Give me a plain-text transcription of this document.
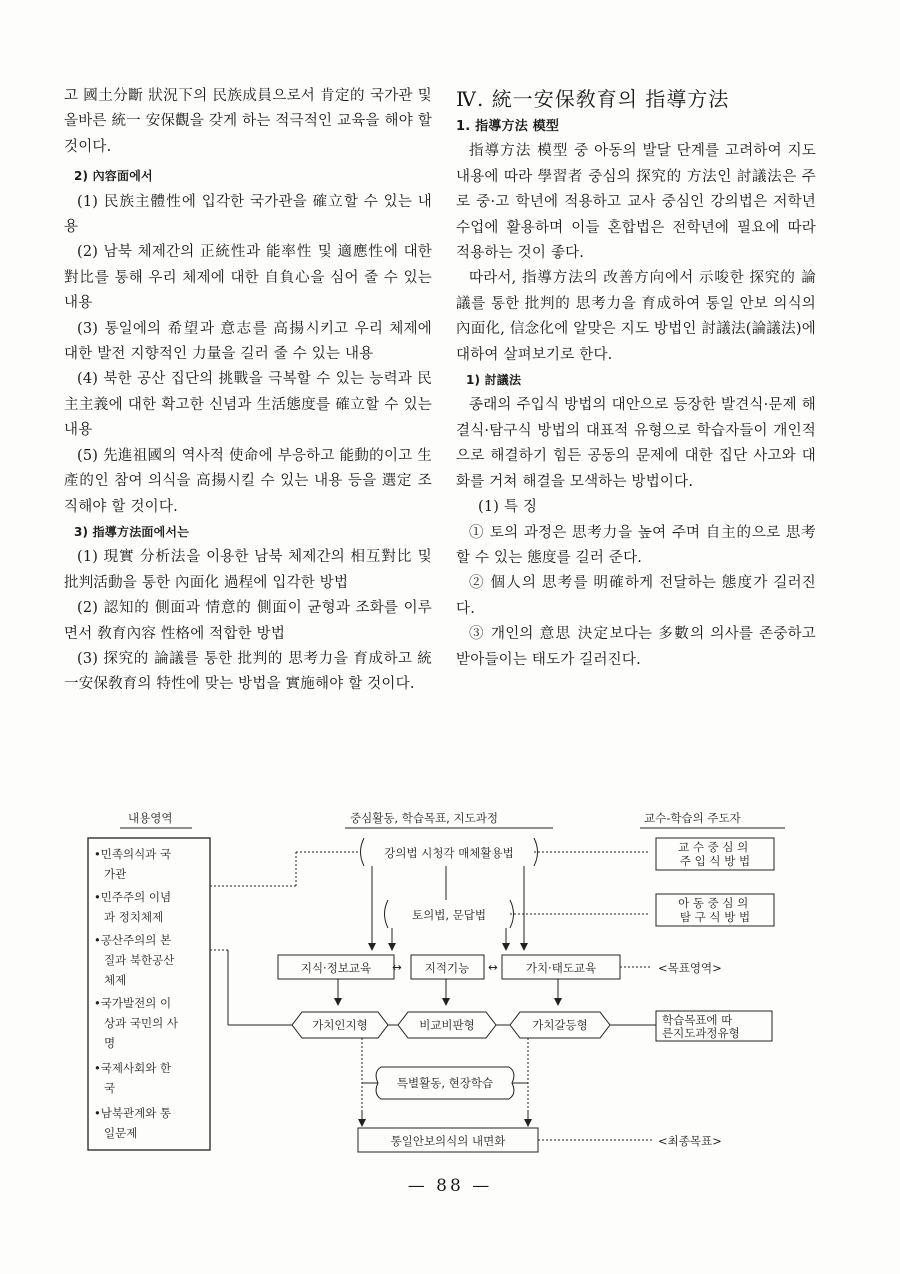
고 國土分斷 狀況下의 民族成員으로서 肯定的 국가관 및 올바른 統一 安保觀을 갖게 하는 적극적인 교육을 해야 할 것이다.

2) 內容面에서

(1) 民族主體性에 입각한 국가관을 確立할 수 있는 내용

(2) 남북 체제간의 正統性과 能率性 및 適應性에 대한 對比를 통해 우리 체제에 대한 自負心을 심어 줄 수 있는 내용

(3) 통일에의 希望과 意志를 高揚시키고 우리 체제에 대한 발전 지향적인 力量을 길러 줄 수 있는 내용

(4) 북한 공산 집단의 挑戰을 극복할 수 있는 능력과 民主主義에 대한 확고한 신념과 生活態度를 確立할 수 있는 내용

(5) 先進祖國의 역사적 使命에 부응하고 能動的이고 生產的인 참여 의식을 高揚시킬 수 있는 내용 등을 選定 조직해야 할 것이다.

3) 指導方法面에서는

(1) 現實 分析法을 이용한 남북 체제간의 相互對比 및 批判活動을 통한 內面化 過程에 입각한 방법

(2) 認知的 側面과 情意的 側面이 균형과 조화를 이루면서 敎育內容 性格에 적합한 방법

(3) 探究的 論議를 통한 批判的 思考力을 育成하고 統一安保敎育의 特性에 맞는 방법을 實施해야 할 것이다.

Ⅳ. 統一安保敎育의 指導方法

1. 指導方法 模型

指導方法 模型 중 아동의 발달 단계를 고려하여 지도 내용에 따라 學習者 중심의 探究的 方法인 討議法은 주로 중·고 학년에 적용하고 교사 중심인 강의법은 저학년 수업에 활용하며 이들 혼합법은 전학년에 필요에 따라 적용하는 것이 좋다.

따라서, 指導方法의 改善方向에서 示唆한 探究的 論議를 통한 批判的 思考力을 育成하여 통일 안보 의식의 內面化, 信念化에 알맞은 지도 방법인 討議法(論議法)에 대하여 살펴보기로 한다.

1) 討議法

종래의 주입식 방법의 대안으로 등장한 발견식·문제 해결식·탐구식 방법의 대표적 유형으로 학습자들이 개인적으로 해결하기 힘든 공동의 문제에 대한 집단 사고와 대화를 거쳐 해결을 모색하는 방법이다.

(1) 특 징

① 토의 과정은 思考力을 높여 주며 自主的으로 思考할 수 있는 態度를 길러 준다.

② 個人의 思考를 明確하게 전달하는 態度가 길러진다.

③ 개인의 意思 決定보다는 多數의 의사를 존중하고 받아들이는 태도가 길러진다.

내용영역	중심활동, 학습목표, 지도과정	교수-학습의 주도자
•민족의식과 국 가관 •민주주의 이념 과 정치체제 •공산주의의 본 질과 북한공산 체제 •국가발전의 이 상과 국민의 사 명 •국제사회와 한 국 •남북관계와 통 일문제
강의법 시청각 매체활용법
토의법, 문답법
지식·정보교육 ↔ 지적기능 ↔ 가치·태도교육	<목표영역>
가치인지형	비교비판형	가치갈등형	학습목표에 따 른지도과정유형
특별활동, 현장학습
통일안보의식의 내면화	<최종목표>
교 수 중 심 의 주 입 식 방 법
아 동 중 심 의 탐 구 식 방 법
— 88 —
